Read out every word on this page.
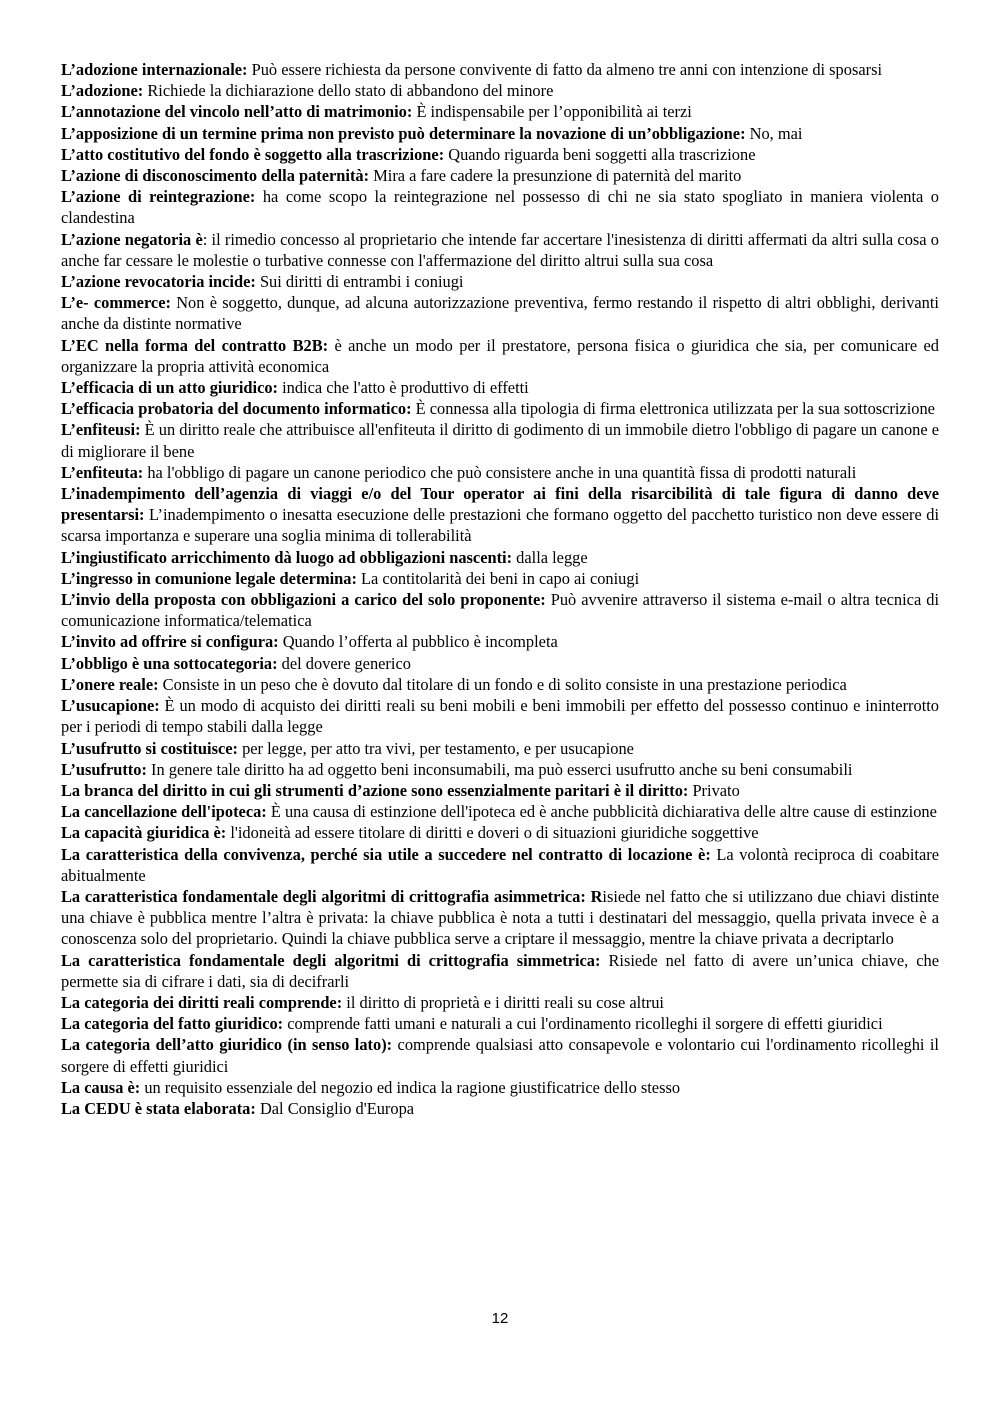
L’adozione internazionale: Può essere richiesta da persone convivente di fatto da almeno tre anni con intenzione di sposarsi
L’adozione: Richiede la dichiarazione dello stato di abbandono del minore
L’annotazione del vincolo nell’atto di matrimonio: È indispensabile per l’opponibilità ai terzi
L’apposizione di un termine prima non previsto può determinare la novazione di un’obbligazione: No, mai
L’atto costitutivo del fondo è soggetto alla trascrizione: Quando riguarda beni soggetti alla trascrizione
L’azione di disconoscimento della paternità: Mira a fare cadere la presunzione di paternità del marito
L’azione di reintegrazione: ha come scopo la reintegrazione nel possesso di chi ne sia stato spogliato in maniera violenta o clandestina
L’azione negatoria è: il rimedio concesso al proprietario che intende far accertare l'inesistenza di diritti affermati da altri sulla cosa o anche far cessare le molestie o turbative connesse con l'affermazione del diritto altrui sulla sua cosa
L’azione revocatoria incide: Sui diritti di entrambi i coniugi
L’e- commerce: Non è soggetto, dunque, ad alcuna autorizzazione preventiva, fermo restando il rispetto di altri obblighi, derivanti anche da distinte normative
L’EC nella forma del contratto B2B: è anche un modo per il prestatore, persona fisica o giuridica che sia, per comunicare ed organizzare la propria attività economica
L’efficacia di un atto giuridico: indica che l'atto è produttivo di effetti
L’efficacia probatoria del documento informatico: È connessa alla tipologia di firma elettronica utilizzata per la sua sottoscrizione
L’enfiteusi: È un diritto reale che attribuisce all'enfiteuta il diritto di godimento di un immobile dietro l'obbligo di pagare un canone e di migliorare il bene
L’enfiteuta: ha l'obbligo di pagare un canone periodico che può consistere anche in una quantità fissa di prodotti naturali
L’inadempimento dell’agenzia di viaggi e/o del Tour operator ai fini della risarcibilità di tale figura di danno deve presentarsi: L’inadempimento o inesatta esecuzione delle prestazioni che formano oggetto del pacchetto turistico non deve essere di scarsa importanza e superare una soglia minima di tollerabilità
L’ingiustificato arricchimento dà luogo ad obbligazioni nascenti: dalla legge
L’ingresso in comunione legale determina: La contitolarità dei beni in capo ai coniugi
L’invio della proposta con obbligazioni a carico del solo proponente: Può avvenire attraverso il sistema e-mail o altra tecnica di comunicazione informatica/telematica
L’invito ad offrire si configura: Quando l’offerta al pubblico è incompleta
L’obbligo è una sottocategoria: del dovere generico
L’onere reale: Consiste in un peso che è dovuto dal titolare di un fondo e di solito consiste in una prestazione periodica
L’usucapione: È un modo di acquisto dei diritti reali su beni mobili e beni immobili per effetto del possesso continuo e ininterrotto per i periodi di tempo stabili dalla legge
L’usufrutto si costituisce: per legge, per atto tra vivi, per testamento, e per usucapione
L’usufrutto: In genere tale diritto ha ad oggetto beni inconsumabili, ma può esserci usufrutto anche su beni consumabili
La branca del diritto in cui gli strumenti d’azione sono essenzialmente paritari è il diritto: Privato
La cancellazione dell'ipoteca: È una causa di estinzione dell'ipoteca ed è anche pubblicità dichiarativa delle altre cause di estinzione
La capacità giuridica è: l'idoneità ad essere titolare di diritti e doveri o di situazioni giuridiche soggettive
La caratteristica della convivenza, perché sia utile a succedere nel contratto di locazione è: La volontà reciproca di coabitare abitualmente
La caratteristica fondamentale degli algoritmi di crittografia asimmetrica: Risiede nel fatto che si utilizzano due chiavi distinte una chiave è pubblica mentre l’altra è privata: la chiave pubblica è nota a tutti i destinatari del messaggio, quella privata invece è a conoscenza solo del proprietario. Quindi la chiave pubblica serve a criptare il messaggio, mentre la chiave privata a decriptarlo
La caratteristica fondamentale degli algoritmi di crittografia simmetrica: Risiede nel fatto di avere un’unica chiave, che permette sia di cifrare i dati, sia di decifrarli
La categoria dei diritti reali comprende: il diritto di proprietà e i diritti reali su cose altrui
La categoria del fatto giuridico: comprende fatti umani e naturali a cui l'ordinamento ricolleghi il sorgere di effetti giuridici
La categoria dell’atto giuridico (in senso lato): comprende qualsiasi atto consapevole e volontario cui l'ordinamento ricolleghi il sorgere di effetti giuridici
La causa è: un requisito essenziale del negozio ed indica la ragione giustificatrice dello stesso
La CEDU è stata elaborata: Dal Consiglio d'Europa
12
